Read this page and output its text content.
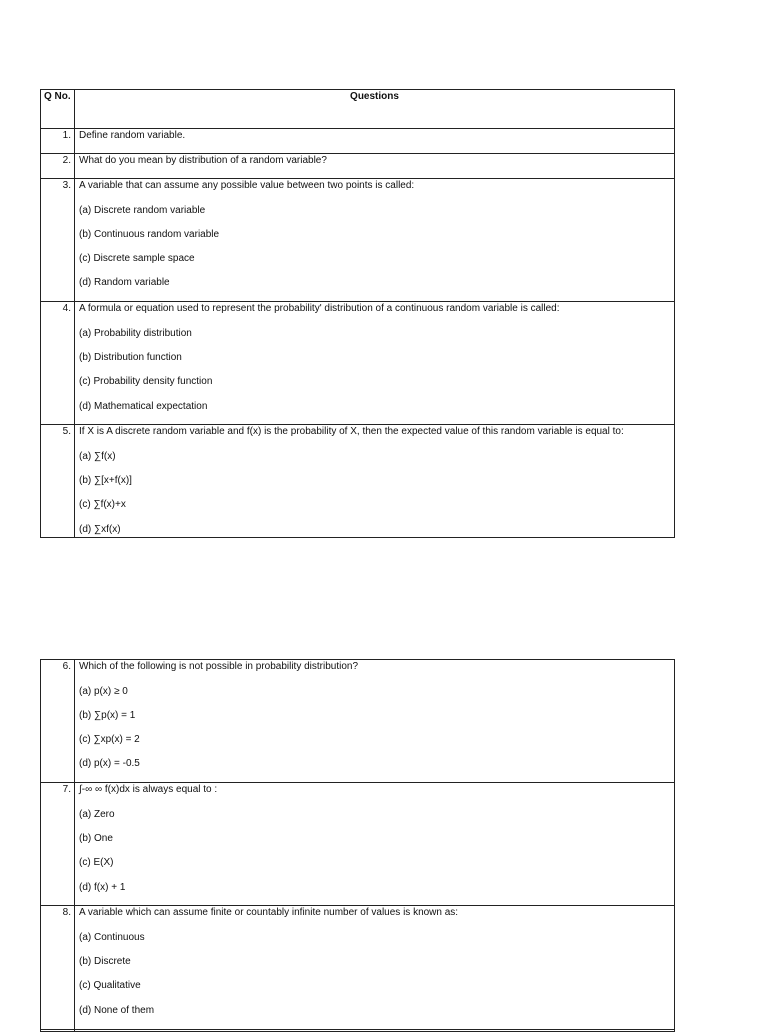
Q No.	Questions
1.	Define random variable.
2.	What do you mean by distribution of a random variable?
3.	A variable that can assume any possible value between two points is called:
(a) Discrete random variable
(b) Continuous random variable
(c) Discrete sample space
(d) Random variable

4.	A formula or equation used to represent the probability' distribution of a continuous random variable is called:
(a) Probability distribution
(b) Distribution function
(c) Probability density function
(d) Mathematical expectation

5.	If X is A discrete random variable and f(x) is the probability of X, then the expected value of this random variable is equal to:
(a) ∑f(x)
(b) ∑[x+f(x)]
(c) ∑f(x)+x
(d) ∑xf(x)
6.	Which of the following is not possible in probability distribution?
(a) p(x) ≥ 0
(b) ∑p(x) = 1
(c) ∑xp(x) = 2
(d) p(x) = -0.5

7.	∫-∞ ∞ f(x)dx is always equal to :
(a) Zero
(b) One
(c) E(X)
(d) f(x) + 1

8.	A variable which can assume finite or countably infinite number of values is known as:
(a) Continuous
(b) Discrete
(c) Qualitative
(d) None of them
